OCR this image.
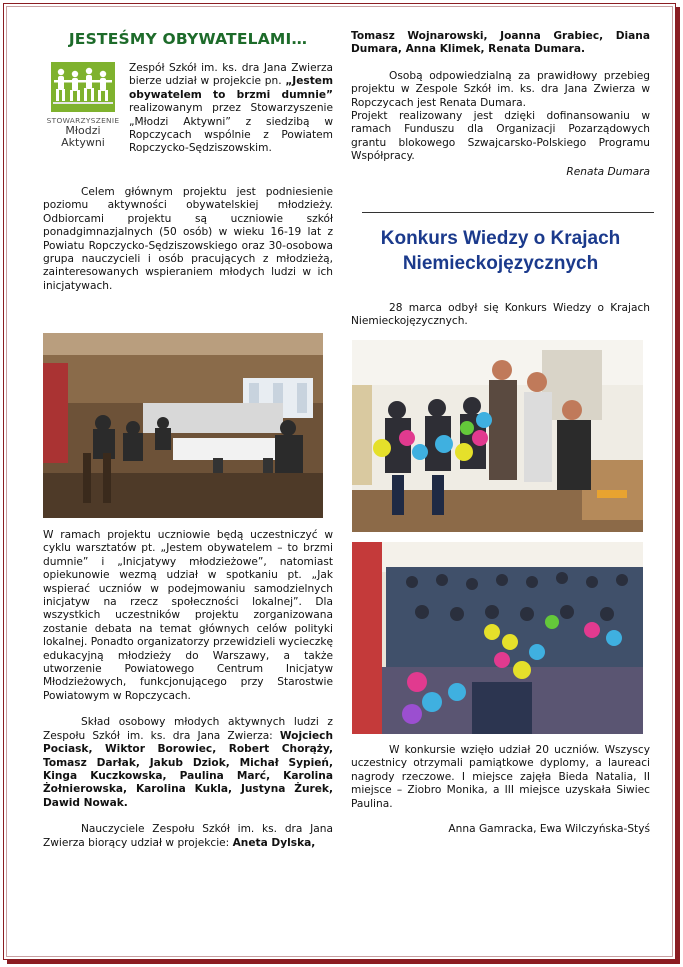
JESTEŚMY OBYWATELAMI…
STOWARZYSZENIE
Młodzi
Aktywni

Zespół Szkół im. ks. dra Jana Zwierza bierze udział w projekcie pn. „Jestem obywatelem to brzmi dumnie” realizowanym przez Stowarzyszenie „Młodzi Aktywni” z siedzibą w Ropczycach wspólnie z Powiatem Ropczycko-Sędziszowskim.

Celem głównym projektu jest podniesienie poziomu aktywności obywatelskiej młodzieży. Odbiorcami projektu są uczniowie szkół ponadgimnazjalnych (50 osób) w wieku 16-19 lat z Powiatu Ropczycko-Sędziszowskiego oraz 30-osobowa grupa nauczycieli i osób pracujących z młodzieżą, zainteresowanych wspieraniem młodych ludzi w ich inicjatywach.

W ramach projektu uczniowie będą uczestniczyć w cyklu warsztatów pt. „Jestem obywatelem – to brzmi dumnie” i „Inicjatywy młodzieżowe”, natomiast opiekunowie wezmą udział w spotkaniu pt. „Jak wspierać uczniów w podejmowaniu samodzielnych inicjatyw na rzecz społeczności lokalnej”. Dla wszystkich uczestników projektu zorganizowana zostanie debata na temat głównych celów polityki lokalnej. Ponadto organizatorzy przewidzieli wycieczkę edukacyjną młodzieży do Warszawy, a także utworzenie Powiatowego Centrum Inicjatyw Młodzieżowych, funkcjonującego przy Starostwie Powiatowym w Ropczycach.

Skład osobowy młodych aktywnych ludzi z Zespołu Szkół im. ks. dra Jana Zwierza: Wojciech Pociask, Wiktor Borowiec, Robert Chorąży, Tomasz Darłak, Jakub Dziok, Michał Sypień, Kinga Kuczkowska, Paulina Marć, Karolina Żołnierowska, Karolina Kukla, Justyna Żurek, Dawid Nowak.

Nauczyciele Zespołu Szkół im. ks. dra Jana Zwierza biorący udział w projekcie: Aneta Dylska,

Tomasz Wojnarowski, Joanna Grabiec, Diana Dumara, Anna Klimek, Renata Dumara.

Osobą odpowiedzialną za prawidłowy przebieg projektu w Zespole Szkół im. ks. dra Jana Zwierza w Ropczycach jest Renata Dumara.

Projekt realizowany jest dzięki dofinansowaniu w ramach Funduszu dla Organizacji Pozarządowych grantu blokowego Szwajcarsko-Polskiego Programu Współpracy.

Renata Dumara
Konkurs Wiedzy o Krajach Niemieckojęzycznych

28 marca odbył się Konkurs Wiedzy o Krajach Niemieckojęzycznych.

W konkursie wzięło udział 20 uczniów. Wszyscy uczestnicy otrzymali pamiątkowe dyplomy, a laureaci nagrody rzeczowe. I miejsce zajęła Bieda Natalia, II miejsce – Ziobro Monika, a III miejsce uzyskała Siwiec Paulina.

Anna Gamracka, Ewa Wilczyńska-Styś
